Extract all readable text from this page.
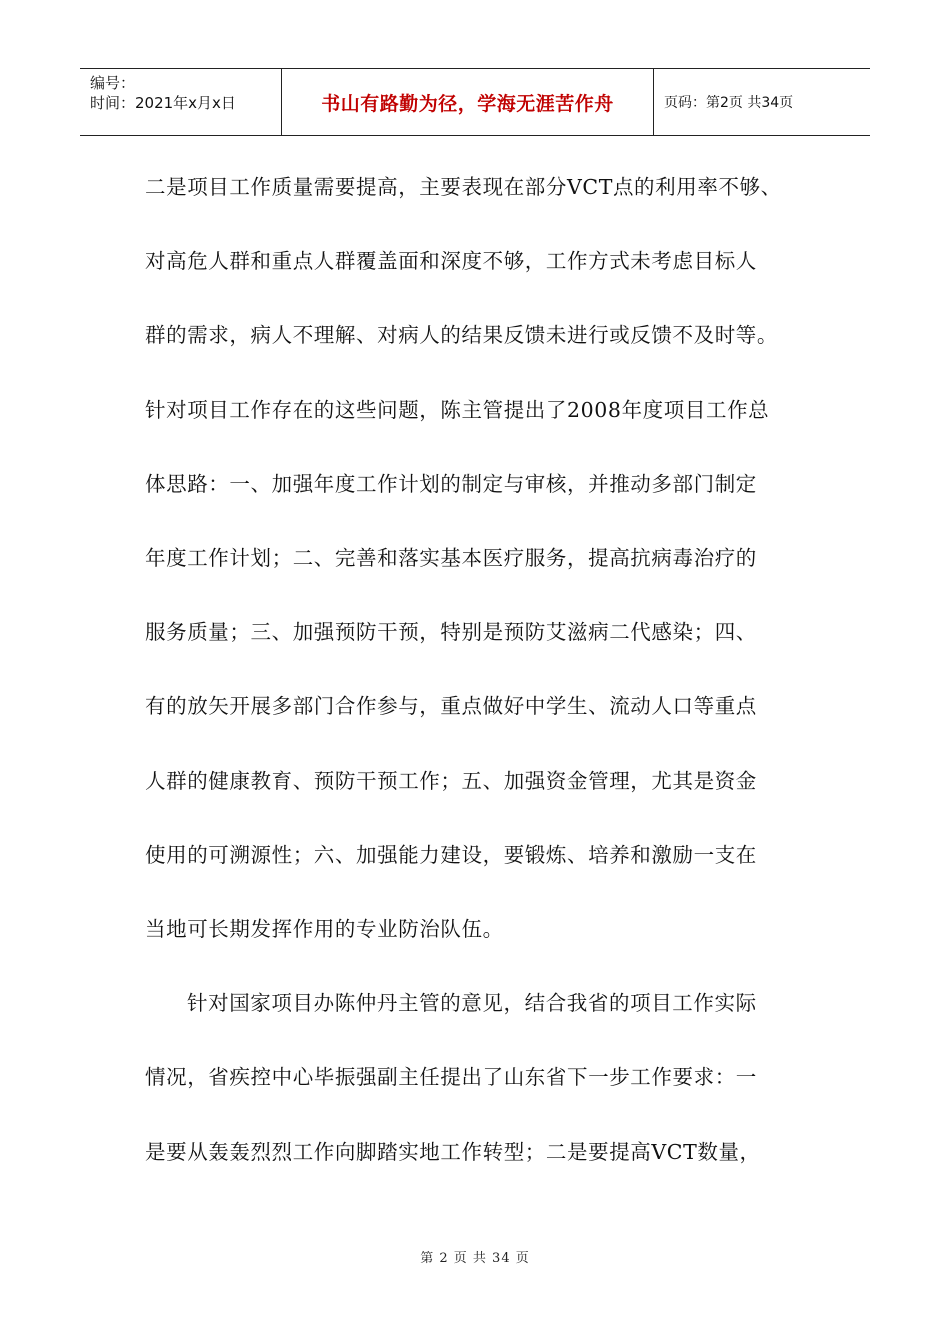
编号：
时间：2021年x月x日	书山有路勤为径，学海无涯苦作舟	页码：第2页 共34页
二是项目工作质量需要提高，主要表现在部分VCT点的利用率不够、
对高危人群和重点人群覆盖面和深度不够，工作方式未考虑目标人
群的需求，病人不理解、对病人的结果反馈未进行或反馈不及时等。
针对项目工作存在的这些问题，陈主管提出了2008年度项目工作总
体思路：一、加强年度工作计划的制定与审核，并推动多部门制定
年度工作计划；二、完善和落实基本医疗服务，提高抗病毒治疗的
服务质量；三、加强预防干预，特别是预防艾滋病二代感染；四、
有的放矢开展多部门合作参与，重点做好中学生、流动人口等重点
人群的健康教育、预防干预工作；五、加强资金管理，尤其是资金
使用的可溯源性；六、加强能力建设，要锻炼、培养和激励一支在
当地可长期发挥作用的专业防治队伍。
针对国家项目办陈仲丹主管的意见，结合我省的项目工作实际
情况，省疾控中心毕振强副主任提出了山东省下一步工作要求：一
是要从轰轰烈烈工作向脚踏实地工作转型；二是要提高VCT数量，
第 2 页 共 34 页
